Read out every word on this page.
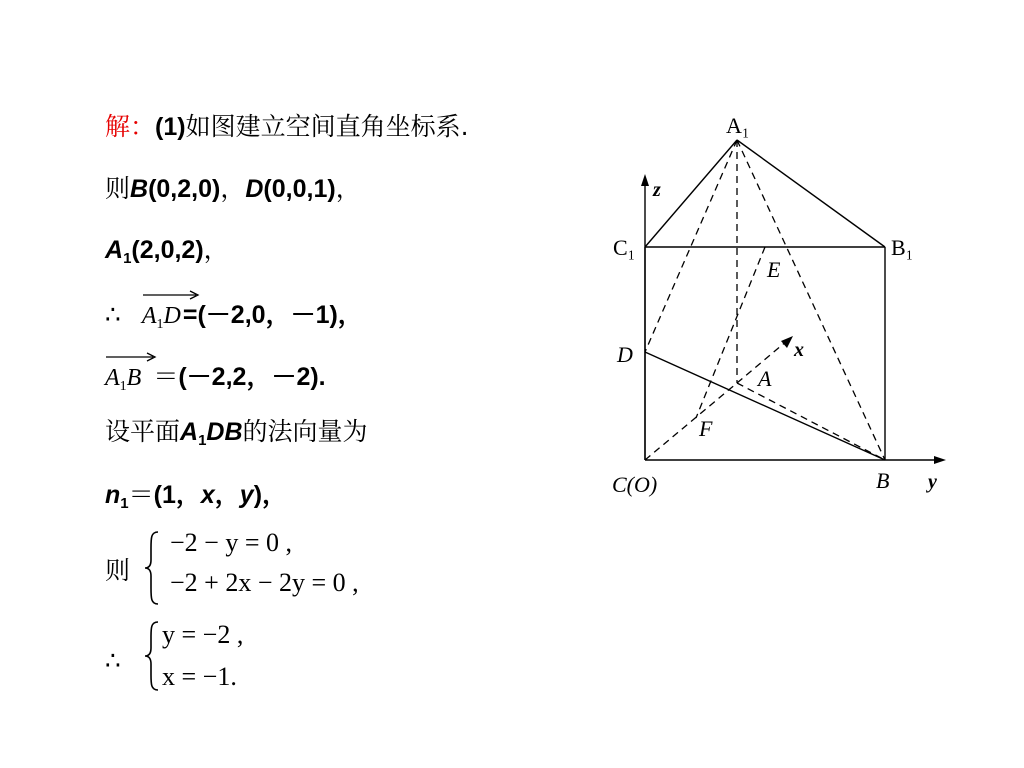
解：(1)如图建立空间直角坐标系.
则B(0,2,0)，D(0,0,1)，
$A_1(2,0,2)$，
∴ $A_1D=(-2,0$，－1)，
$A_1B =(-2,2$，－2).
设平面$A_1DB$的法向量为
$n_1=(1$，x，y)，
则
−2 − y = 0 ,
−2 + 2x − 2y = 0 ,
∴
y = −2 ,
x = −1.
A₁
C₁	B₁
E
D
A
F
C(O)	B
x
y
z
